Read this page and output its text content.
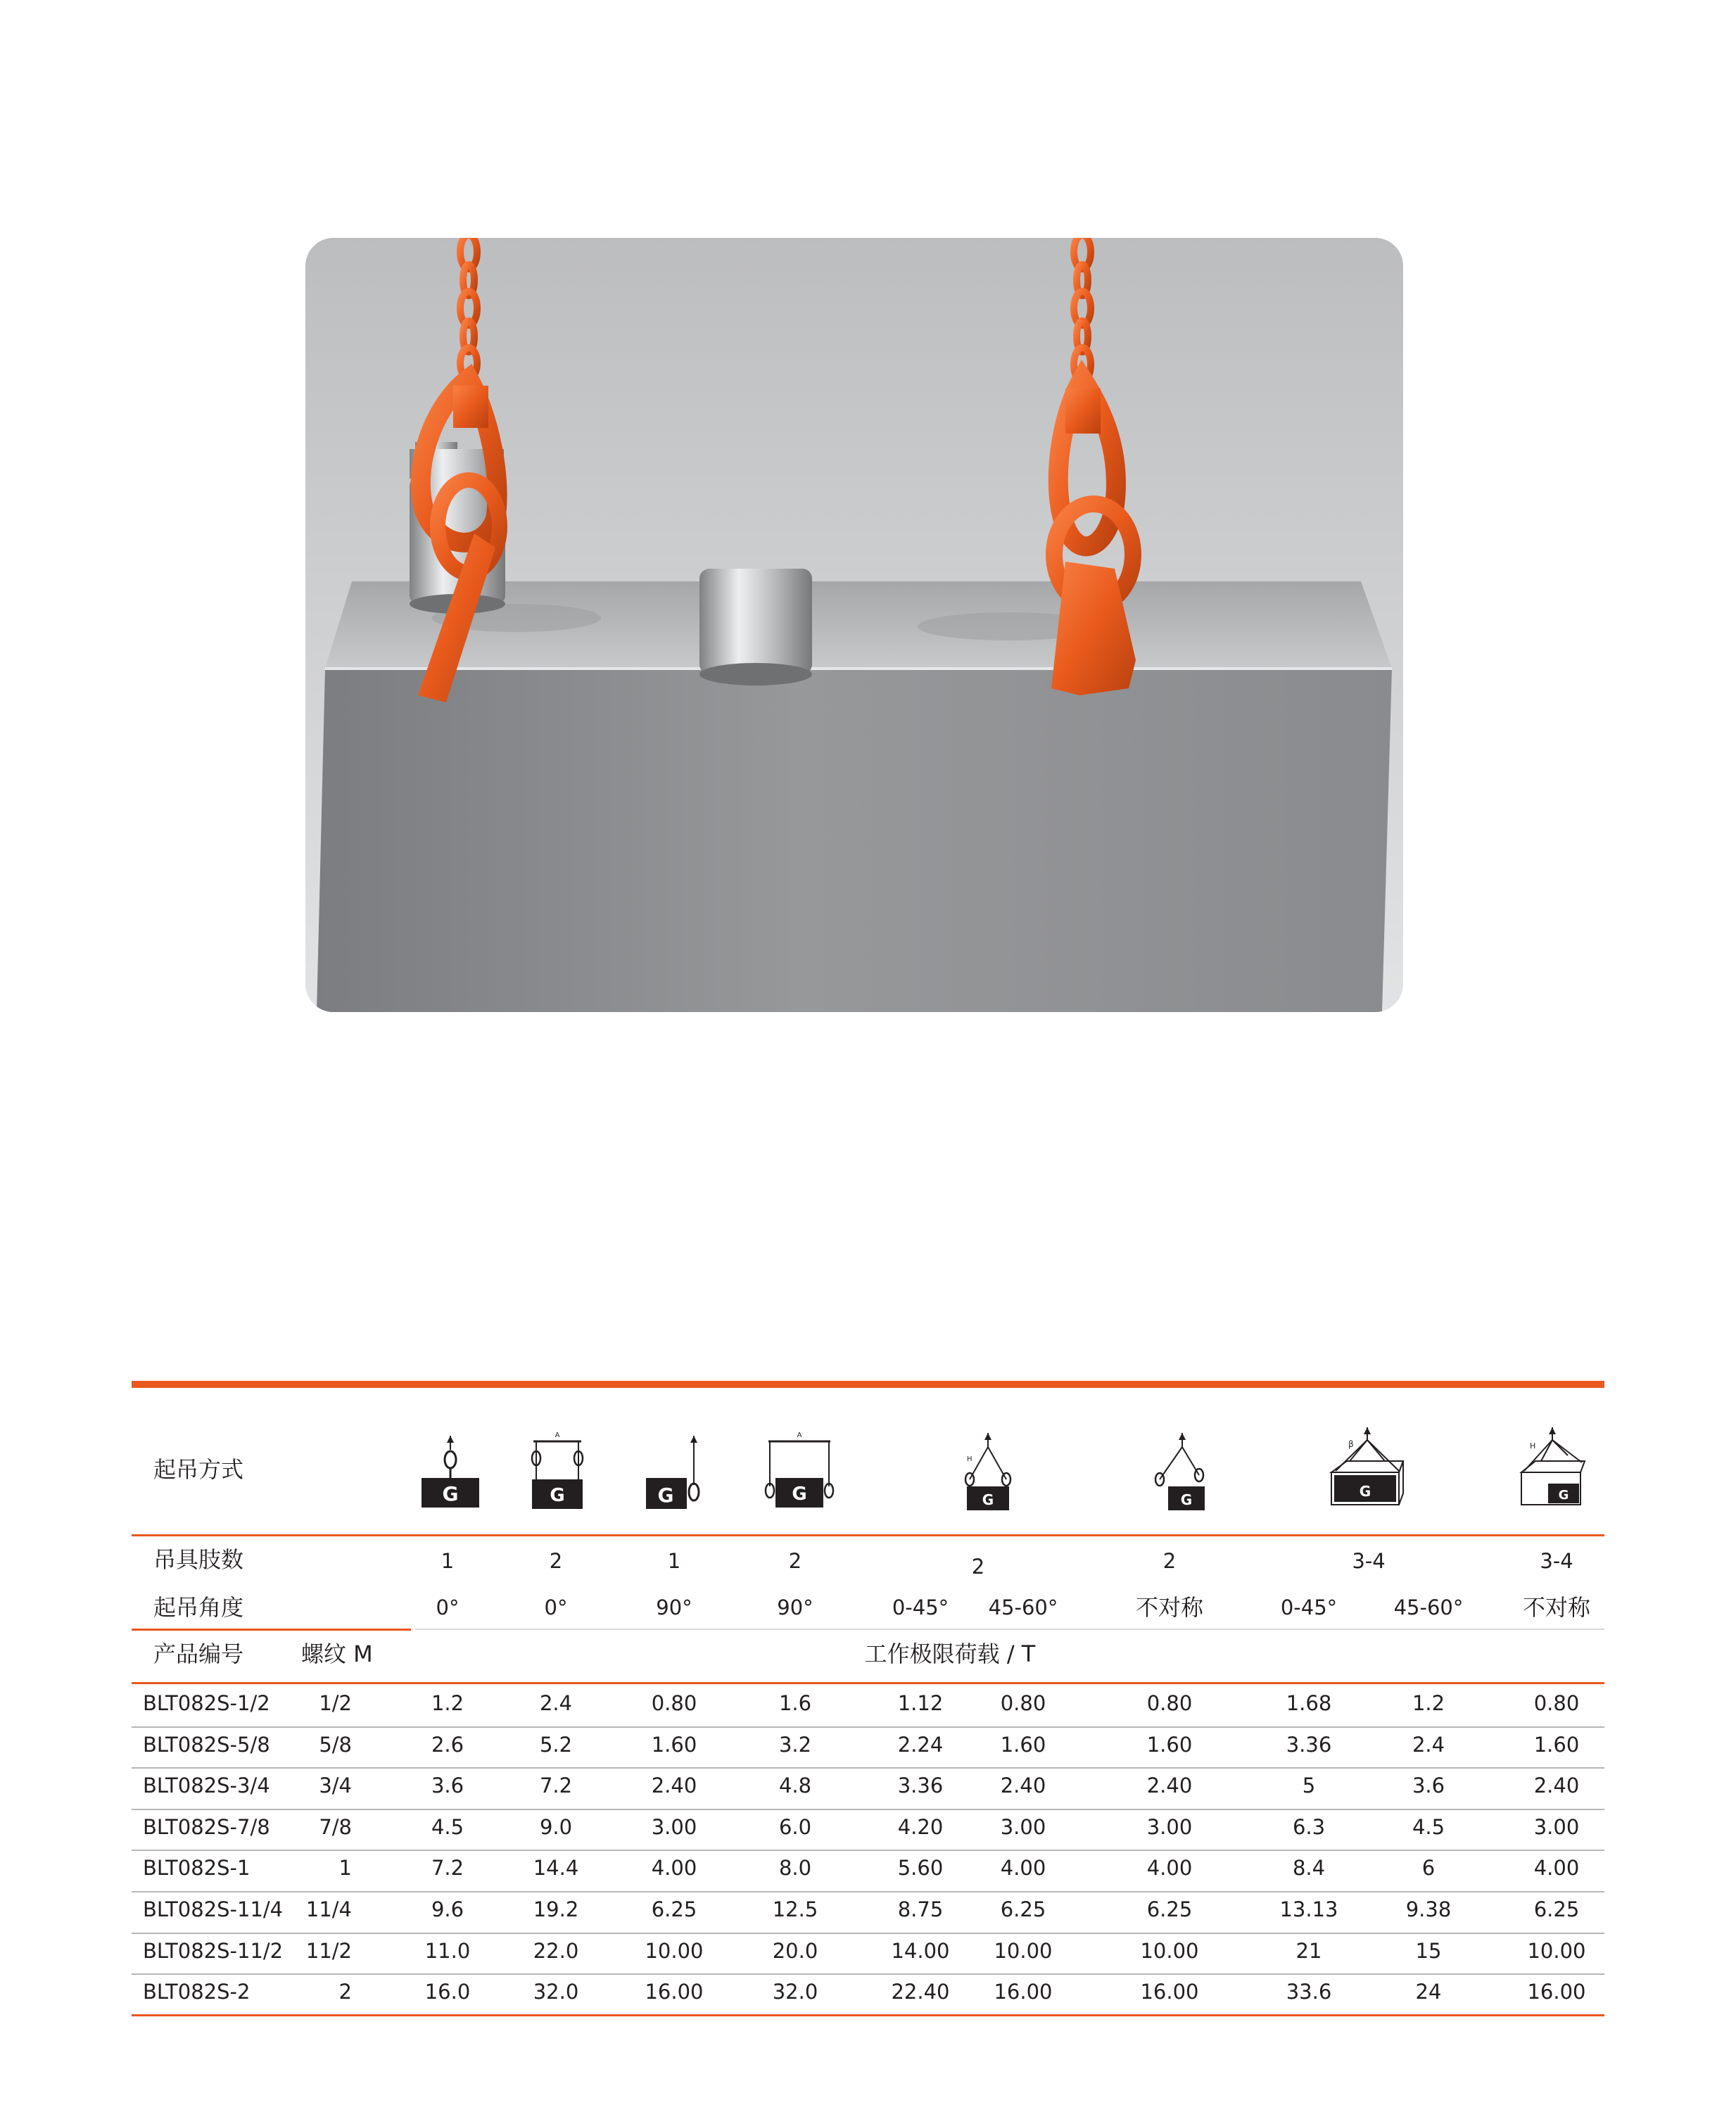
起吊方式
G
A
G	G
A
G
H
G	G
β
G
H
G
吊具肢数	1	2	1	2	2	2	3-4	3-4
起吊角度	0°	0°	90°	90°	0-45°	45-60°	不对称	0-45°	45-60°	不对称
产品编号	螺纹 M	工作极限荷载 / T
BLT082S-1/2	1/2	1.2	2.4	0.80	1.6	1.12	0.80	0.80	1.68	1.2	0.80
BLT082S-5/8	5/8	2.6	5.2	1.60	3.2	2.24	1.60	1.60	3.36	2.4	1.60
BLT082S-3/4	3/4	3.6	7.2	2.40	4.8	3.36	2.40	2.40	5	3.6	2.40
BLT082S-7/8	7/8	4.5	9.0	3.00	6.0	4.20	3.00	3.00	6.3	4.5	3.00
BLT082S-1	1	7.2	14.4	4.00	8.0	5.60	4.00	4.00	8.4	6	4.00
BLT082S-11/4	11/4	9.6	19.2	6.25	12.5	8.75	6.25	6.25	13.13	9.38	6.25
BLT082S-11/2	11/2	11.0	22.0	10.00	20.0	14.00	10.00	10.00	21	15	10.00
BLT082S-2	2	16.0	32.0	16.00	32.0	22.40	16.00	16.00	33.6	24	16.00
